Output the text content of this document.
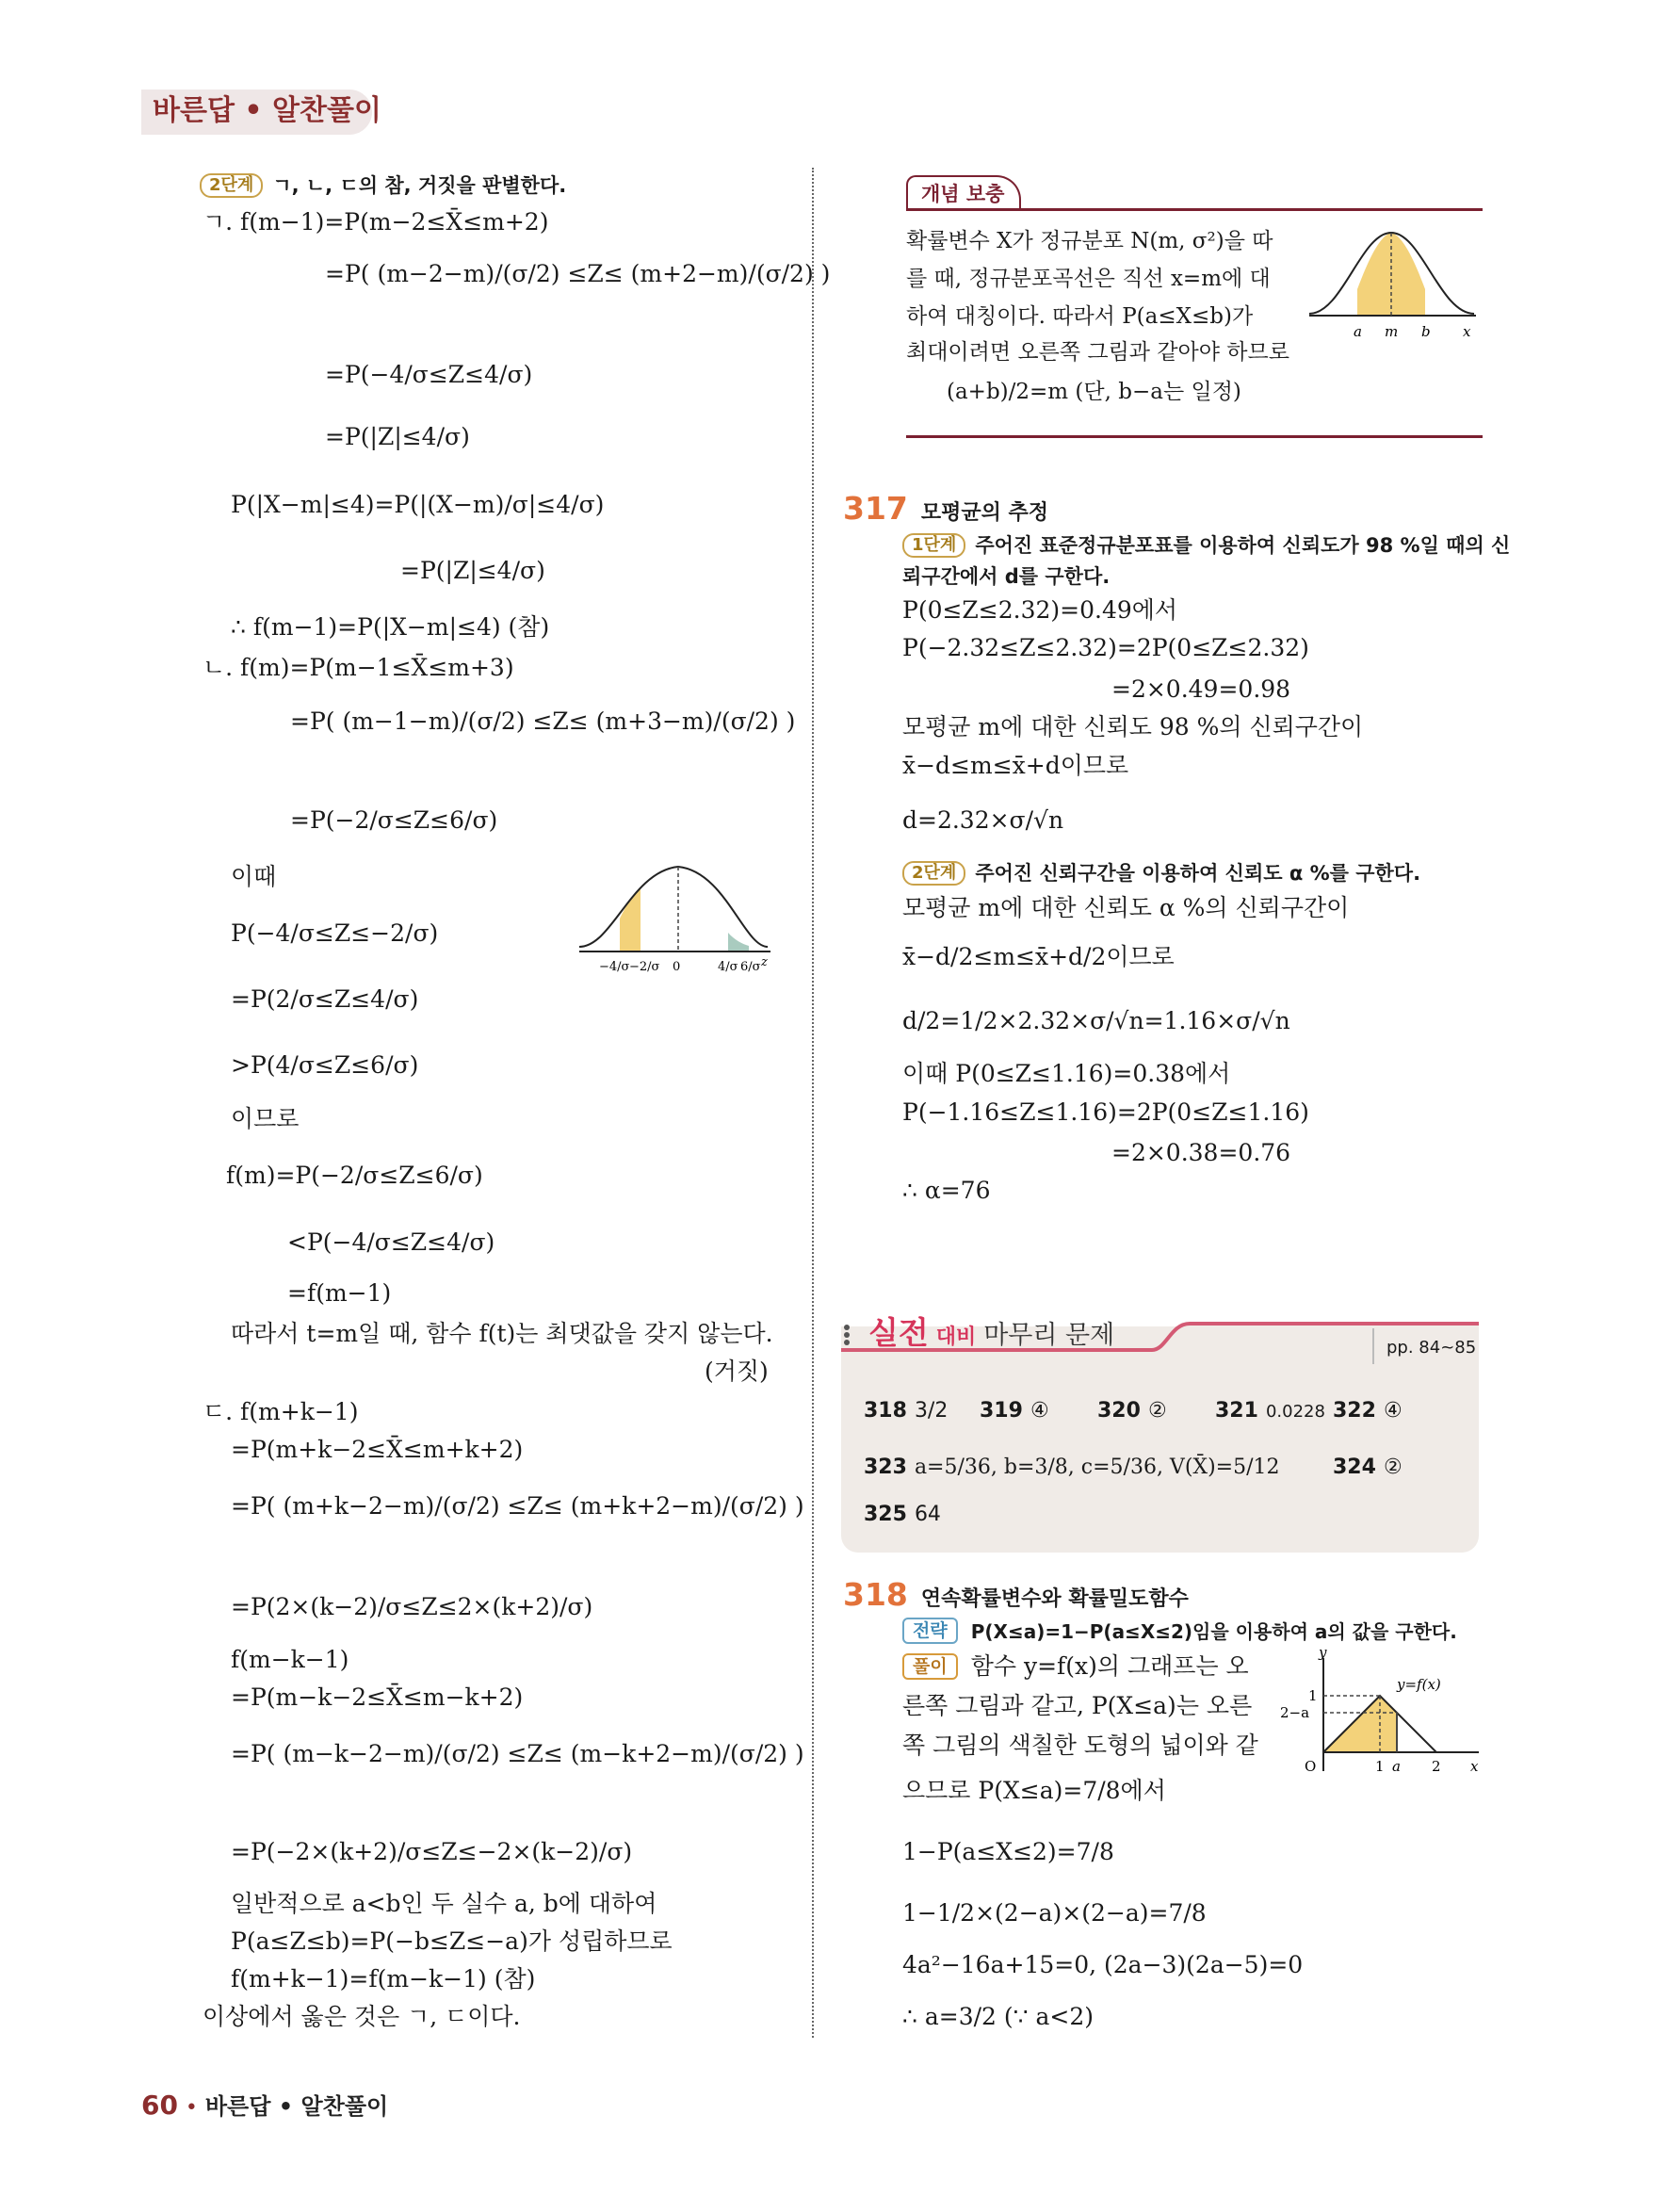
바른답 • 알찬풀이
2단계 ㄱ, ㄴ, ㄷ의 참, 거짓을 판별한다.
ㄱ. f(m−1)=P(m−2≤X̄≤m+2)
=P( (m−2−m)/(σ/2) ≤Z≤ (m+2−m)/(σ/2) )
=P(−4/σ≤Z≤4/σ)
=P(|Z|≤4/σ)
P(|X−m|≤4)=P(|(X−m)/σ|≤4/σ)
=P(|Z|≤4/σ)
∴ f(m−1)=P(|X−m|≤4) (참)
ㄴ. f(m)=P(m−1≤X̄≤m+3)
=P( (m−1−m)/(σ/2) ≤Z≤ (m+3−m)/(σ/2) )
=P(−2/σ≤Z≤6/σ)
이때
P(−4/σ≤Z≤−2/σ)
=P(2/σ≤Z≤4/σ)
>P(4/σ≤Z≤6/σ)
이므로
f(m)=P(−2/σ≤Z≤6/σ)
<P(−4/σ≤Z≤4/σ)
=f(m−1)
따라서 t=m일 때, 함수 f(t)는 최댓값을 갖지 않는다.
(거짓)
ㄷ. f(m+k−1)
=P(m+k−2≤X̄≤m+k+2)
=P( (m+k−2−m)/(σ/2) ≤Z≤ (m+k+2−m)/(σ/2) )
=P(2×(k−2)/σ≤Z≤2×(k+2)/σ)
f(m−k−1)
=P(m−k−2≤X̄≤m−k+2)
=P( (m−k−2−m)/(σ/2) ≤Z≤ (m−k+2−m)/(σ/2) )
=P(−2×(k+2)/σ≤Z≤−2×(k−2)/σ)
일반적으로 a<b인 두 실수 a, b에 대하여
P(a≤Z≤b)=P(−b≤Z≤−a)가 성립하므로
f(m+k−1)=f(m−k−1) (참)
이상에서 옳은 것은 ㄱ, ㄷ이다.
−4/σ −2/σ 0	4/σ 6/σ z
개념 보충
확률변수 X가 정규분포 N(m, σ²)을 따
를 때, 정규분포곡선은 직선 x=m에 대
하여 대칭이다. 따라서 P(a≤X≤b)가
최대이려면 오른쪽 그림과 같아야 하므로
(a+b)/2=m (단, b−a는 일정)
a m b x
317 모평균의 추정
1단계 주어진 표준정규분포표를 이용하여 신뢰도가 98 %일 때의 신
뢰구간에서 d를 구한다.
P(0≤Z≤2.32)=0.49에서
P(−2.32≤Z≤2.32)=2P(0≤Z≤2.32)
=2×0.49=0.98
모평균 m에 대한 신뢰도 98 %의 신뢰구간이
x̄−d≤m≤x̄+d이므로
d=2.32×σ/√n
2단계 주어진 신뢰구간을 이용하여 신뢰도 α %를 구한다.
모평균 m에 대한 신뢰도 α %의 신뢰구간이
x̄−d/2≤m≤x̄+d/2이므로
d/2=1/2×2.32×σ/√n=1.16×σ/√n
이때 P(0≤Z≤1.16)=0.38에서
P(−1.16≤Z≤1.16)=2P(0≤Z≤1.16)
=2×0.38=0.76
∴ α=76
실전 대비 마무리 문제	pp. 84~85
318 3/2 319 ④ 320 ② 321 0.0228 322 ④
323 a=5/36, b=3/8, c=5/36, V(X̄)=5/12	324 ②
325 64
318 연속확률변수와 확률밀도함수
전략 P(X≤a)=1−P(a≤X≤2)임을 이용하여 a의 값을 구한다.
풀이 함수 y=f(x)의 그래프는 오
른쪽 그림과 같고, P(X≤a)는 오른
쪽 그림의 색칠한 도형의 넓이와 같
으므로 P(X≤a)=7/8에서
1−P(a≤X≤2)=7/8
1−1/2×(2−a)×(2−a)=7/8
4a²−16a+15=0, (2a−3)(2a−5)=0
∴ a=3/2 (∵ a<2)
y
x
O	1 a 2
1
2−a
y=f(x)
60 • 바른답 • 알찬풀이
